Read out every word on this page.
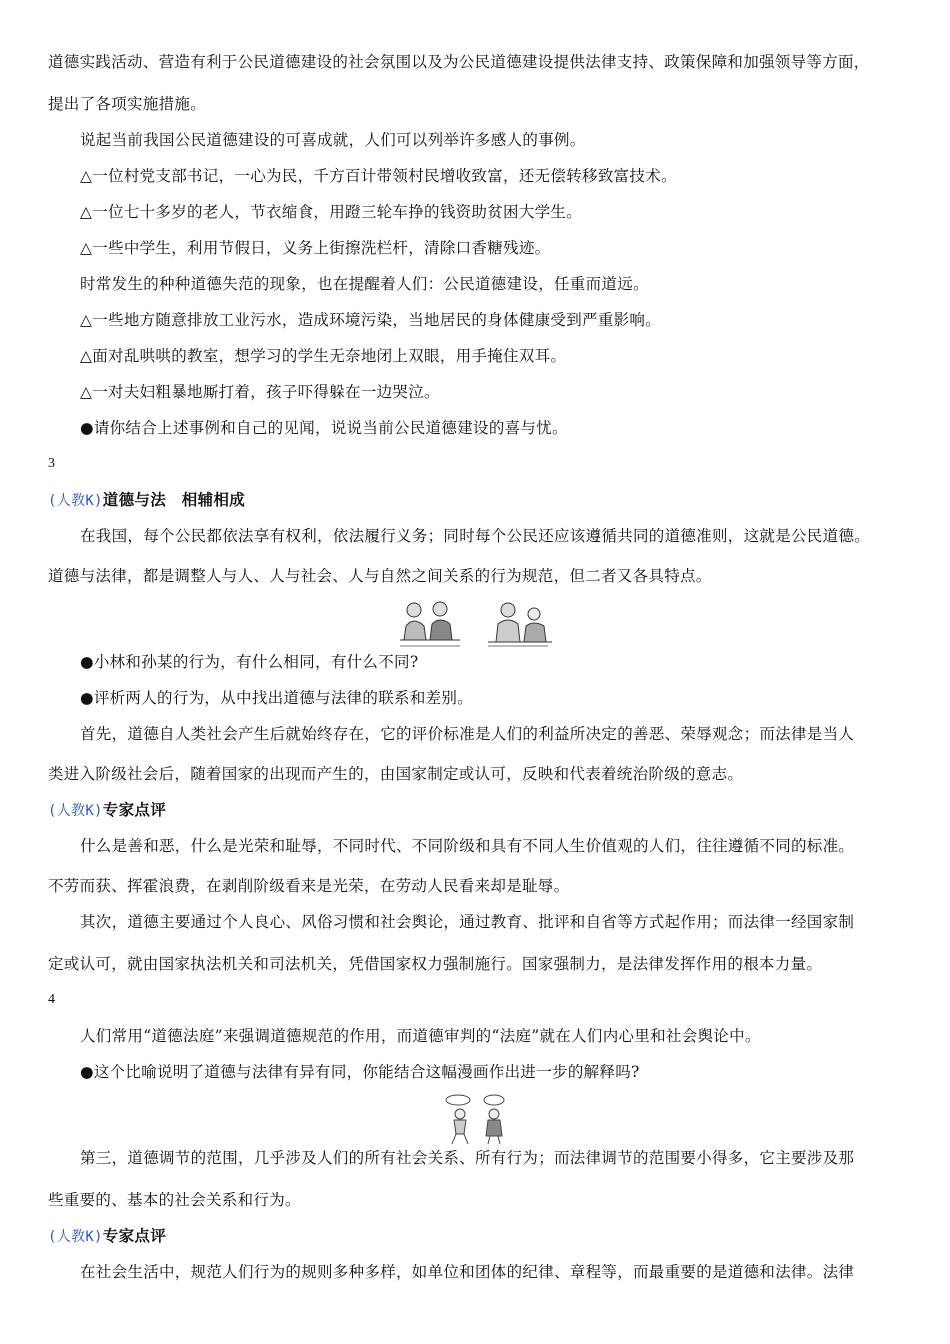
道德实践活动、营造有利于公民道德建设的社会氛围以及为公民道德建设提供法律支持、政策保障和加强领导等方面，
提出了各项实施措施。
说起当前我国公民道德建设的可喜成就，人们可以列举许多感人的事例。
△一位村党支部书记，一心为民，千方百计带领村民增收致富，还无偿转移致富技术。
△一位七十多岁的老人，节衣缩食，用蹬三轮车挣的钱资助贫困大学生。
△一些中学生，利用节假日，义务上街擦洗栏杆，清除口香糖残迹。
时常发生的种种道德失范的现象，也在提醒着人们：公民道德建设，任重而道远。
△一些地方随意排放工业污水，造成环境污染，当地居民的身体健康受到严重影响。
△面对乱哄哄的教室，想学习的学生无奈地闭上双眼，用手掩住双耳。
△一对夫妇粗暴地厮打着，孩子吓得躲在一边哭泣。
●请你结合上述事例和自己的见闻，说说当前公民道德建设的喜与忧。
3
(人教K)道德与法　相辅相成
在我国，每个公民都依法享有权利，依法履行义务；同时每个公民还应该遵循共同的道德准则，这就是公民道德。
道德与法律，都是调整人与人、人与社会、人与自然之间关系的行为规范，但二者又各具特点。
●小林和孙某的行为，有什么相同，有什么不同?
●评析两人的行为，从中找出道德与法律的联系和差别。
首先，道德自人类社会产生后就始终存在，它的评价标准是人们的利益所决定的善恶、荣辱观念；而法律是当人
类进入阶级社会后，随着国家的出现而产生的，由国家制定或认可，反映和代表着统治阶级的意志。
(人教K)专家点评
什么是善和恶，什么是光荣和耻辱，不同时代、不同阶级和具有不同人生价值观的人们，往往遵循不同的标准。
不劳而获、挥霍浪费，在剥削阶级看来是光荣，在劳动人民看来却是耻辱。
其次，道德主要通过个人良心、风俗习惯和社会舆论，通过教育、批评和自省等方式起作用；而法律一经国家制
定或认可，就由国家执法机关和司法机关，凭借国家权力强制施行。国家强制力，是法律发挥作用的根本力量。
4
人们常用“道德法庭”来强调道德规范的作用，而道德审判的“法庭”就在人们内心里和社会舆论中。
●这个比喻说明了道德与法律有异有同，你能结合这幅漫画作出进一步的解释吗?
第三，道德调节的范围，几乎涉及人们的所有社会关系、所有行为；而法律调节的范围要小得多，它主要涉及那
些重要的、基本的社会关系和行为。
(人教K)专家点评
在社会生活中，规范人们行为的规则多种多样，如单位和团体的纪律、章程等，而最重要的是道德和法律。法律
